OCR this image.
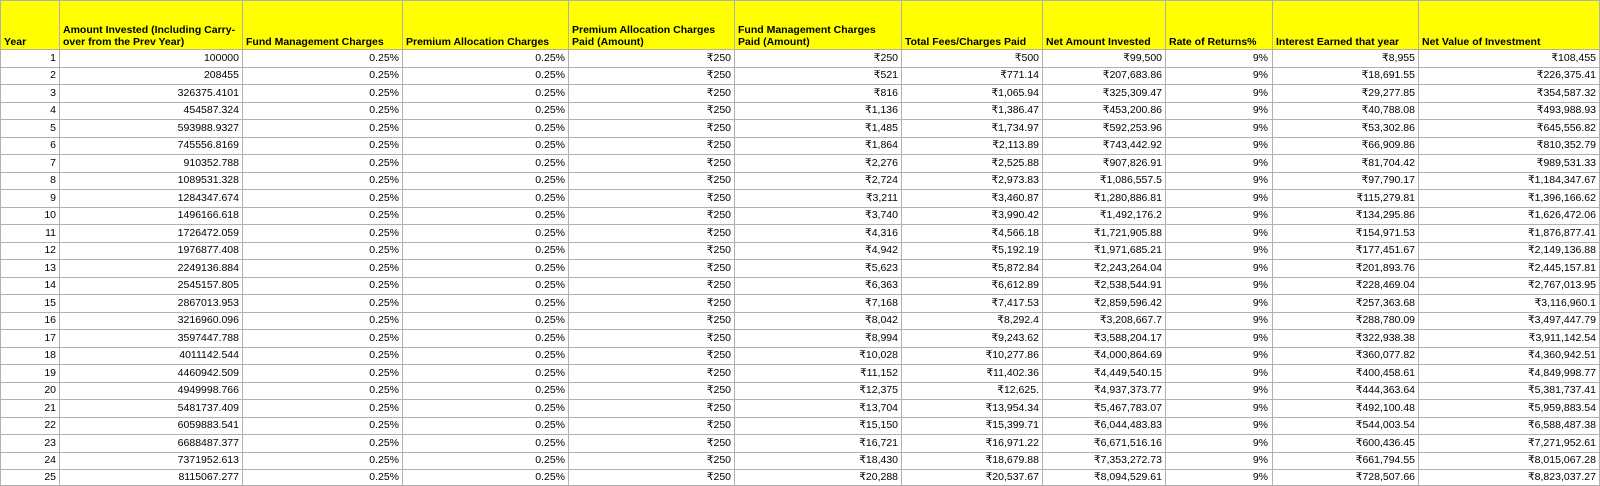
Year	Amount Invested (Including Carry-over from the Prev Year)	Fund Management Charges	Premium Allocation Charges	Premium Allocation Charges Paid (Amount)	Fund Management Charges Paid (Amount)	Total Fees/Charges Paid	Net Amount Invested	Rate of Returns%	Interest Earned that year	Net Value of Investment
1	100000	0.25%	0.25%	₹250	₹250	₹500	₹99,500	9%	₹8,955	₹108,455
2	208455	0.25%	0.25%	₹250	₹521	₹771.14	₹207,683.86	9%	₹18,691.55	₹226,375.41
3	326375.4101	0.25%	0.25%	₹250	₹816	₹1,065.94	₹325,309.47	9%	₹29,277.85	₹354,587.32
4	454587.324	0.25%	0.25%	₹250	₹1,136	₹1,386.47	₹453,200.86	9%	₹40,788.08	₹493,988.93
5	593988.9327	0.25%	0.25%	₹250	₹1,485	₹1,734.97	₹592,253.96	9%	₹53,302.86	₹645,556.82
6	745556.8169	0.25%	0.25%	₹250	₹1,864	₹2,113.89	₹743,442.92	9%	₹66,909.86	₹810,352.79
7	910352.788	0.25%	0.25%	₹250	₹2,276	₹2,525.88	₹907,826.91	9%	₹81,704.42	₹989,531.33
8	1089531.328	0.25%	0.25%	₹250	₹2,724	₹2,973.83	₹1,086,557.5	9%	₹97,790.17	₹1,184,347.67
9	1284347.674	0.25%	0.25%	₹250	₹3,211	₹3,460.87	₹1,280,886.81	9%	₹115,279.81	₹1,396,166.62
10	1496166.618	0.25%	0.25%	₹250	₹3,740	₹3,990.42	₹1,492,176.2	9%	₹134,295.86	₹1,626,472.06
11	1726472.059	0.25%	0.25%	₹250	₹4,316	₹4,566.18	₹1,721,905.88	9%	₹154,971.53	₹1,876,877.41
12	1976877.408	0.25%	0.25%	₹250	₹4,942	₹5,192.19	₹1,971,685.21	9%	₹177,451.67	₹2,149,136.88
13	2249136.884	0.25%	0.25%	₹250	₹5,623	₹5,872.84	₹2,243,264.04	9%	₹201,893.76	₹2,445,157.81
14	2545157.805	0.25%	0.25%	₹250	₹6,363	₹6,612.89	₹2,538,544.91	9%	₹228,469.04	₹2,767,013.95
15	2867013.953	0.25%	0.25%	₹250	₹7,168	₹7,417.53	₹2,859,596.42	9%	₹257,363.68	₹3,116,960.1
16	3216960.096	0.25%	0.25%	₹250	₹8,042	₹8,292.4	₹3,208,667.7	9%	₹288,780.09	₹3,497,447.79
17	3597447.788	0.25%	0.25%	₹250	₹8,994	₹9,243.62	₹3,588,204.17	9%	₹322,938.38	₹3,911,142.54
18	4011142.544	0.25%	0.25%	₹250	₹10,028	₹10,277.86	₹4,000,864.69	9%	₹360,077.82	₹4,360,942.51
19	4460942.509	0.25%	0.25%	₹250	₹11,152	₹11,402.36	₹4,449,540.15	9%	₹400,458.61	₹4,849,998.77
20	4949998.766	0.25%	0.25%	₹250	₹12,375	₹12,625.	₹4,937,373.77	9%	₹444,363.64	₹5,381,737.41
21	5481737.409	0.25%	0.25%	₹250	₹13,704	₹13,954.34	₹5,467,783.07	9%	₹492,100.48	₹5,959,883.54
22	6059883.541	0.25%	0.25%	₹250	₹15,150	₹15,399.71	₹6,044,483.83	9%	₹544,003.54	₹6,588,487.38
23	6688487.377	0.25%	0.25%	₹250	₹16,721	₹16,971.22	₹6,671,516.16	9%	₹600,436.45	₹7,271,952.61
24	7371952.613	0.25%	0.25%	₹250	₹18,430	₹18,679.88	₹7,353,272.73	9%	₹661,794.55	₹8,015,067.28
25	8115067.277	0.25%	0.25%	₹250	₹20,288	₹20,537.67	₹8,094,529.61	9%	₹728,507.66	₹8,823,037.27
